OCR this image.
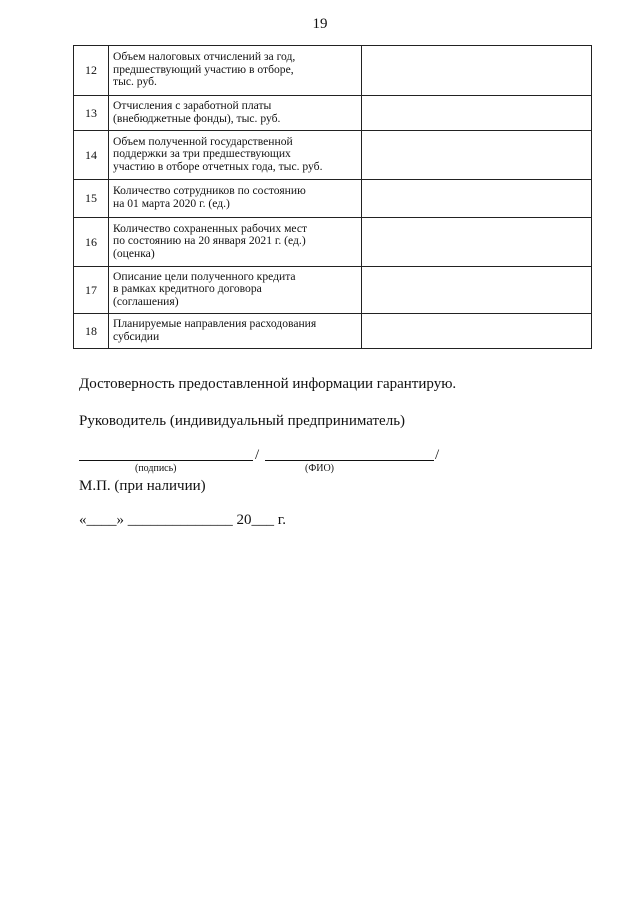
19
12	Объем налоговых отчислений за год,
предшествующий участию в отборе,
тыс. руб.	

13	Отчисления с заработной платы
(внебюджетные фонды), тыс. руб.	

14	Объем полученной государственной
поддержки за три предшествующих
участию в отборе отчетных года, тыс. руб.	

15	Количество сотрудников по состоянию
на 01 марта 2020 г. (ед.)	

16	Количество сохраненных рабочих мест
по состоянию на 20 января 2021 г. (ед.)
(оценка)	

17	Описание цели полученного кредита
в рамках кредитного договора
(соглашения)	

18	Планируемые направления расходования
субсидии	

Достоверность предоставленной информации гарантирую.
Руководитель (индивидуальный предприниматель)
/	/
(подпись)	(ФИО)
М.П. (при наличии)
«____» ______________ 20___ г.
